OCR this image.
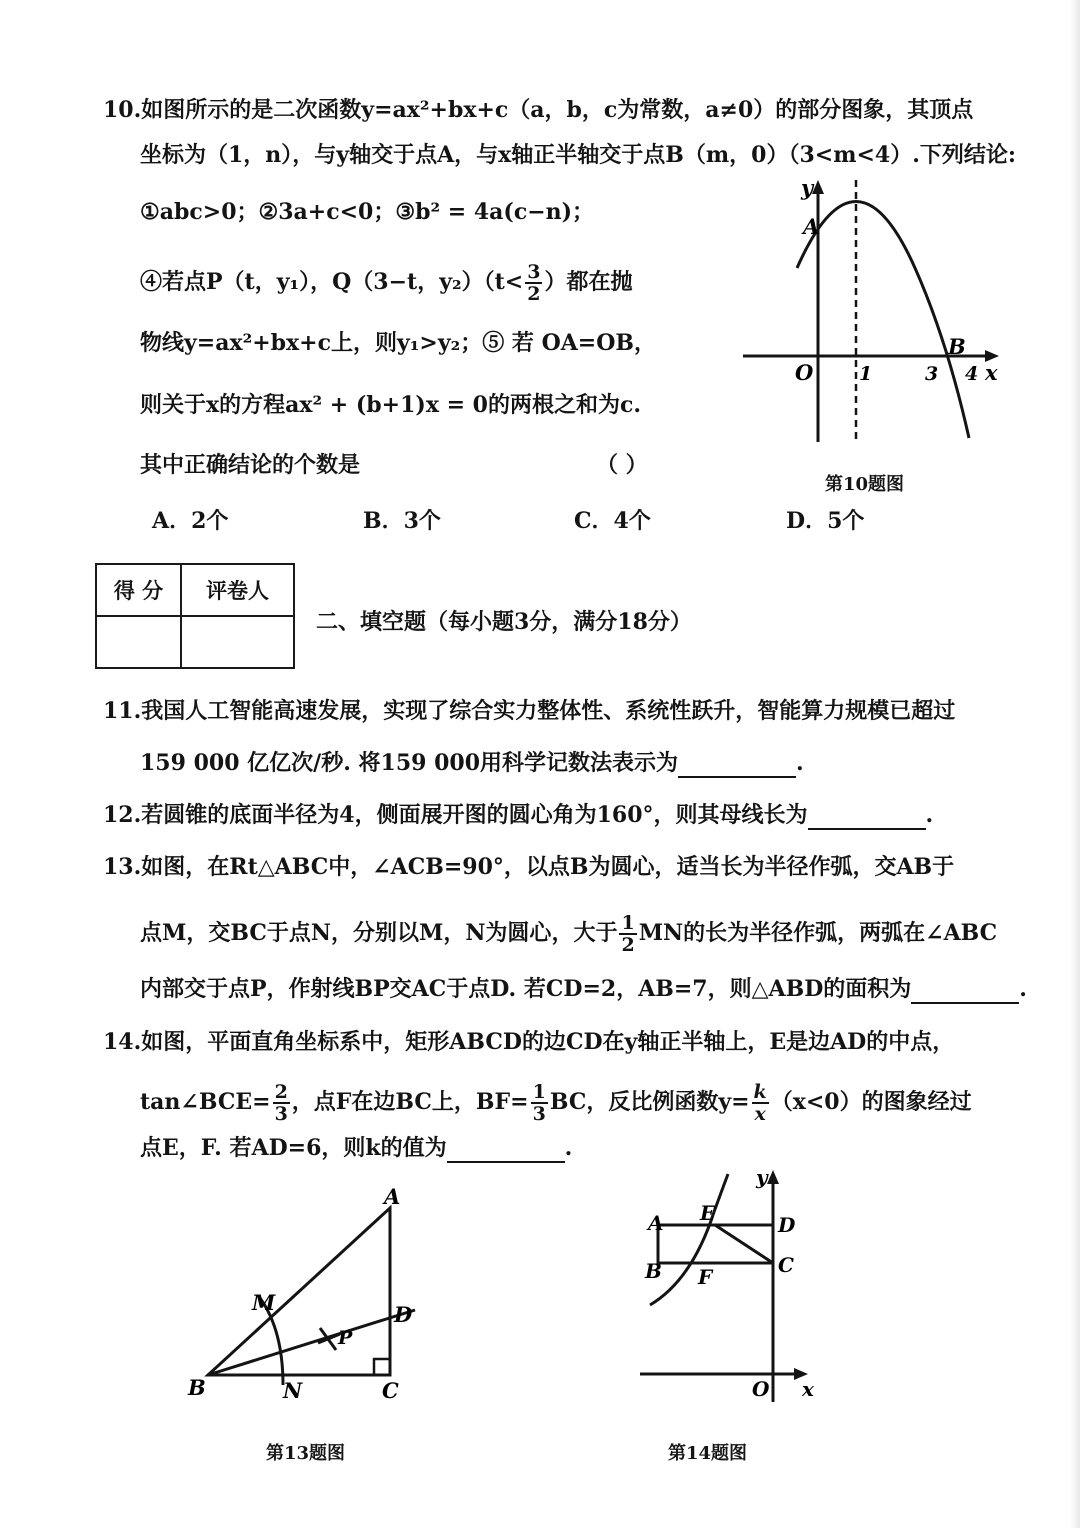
10.如图所示的是二次函数y=ax²+bx+c（a，b，c为常数，a≠0）的部分图象，其顶点
坐标为（1，n），与y轴交于点A，与x轴正半轴交于点B（m，0）（3<m<4）.下列结论:
①abc>0；②3a+c<0；③b² = 4a(c−n)；
④若点P（t，y₁），Q（3−t，$y_2)(t< \frac{3}{2}$ ）都在抛
物线y=ax²+bx+c上，则y₁>y₂；⑤ 若 OA=OB，
则关于x的方程ax² + (b+1)x = 0的两根之和为c.
其中正确结论的个数是	（ ）
A．2个	B．3个	C．4个	D．5个
y
A
O 1	3 4 x
B
第10题图
得 分	评卷人

二、填空题（每小题3分，满分18分）
11.我国人工智能高速发展，实现了综合实力整体性、系统性跃升，智能算力规模已超过
159 000 亿亿次/秒. 将159 000用科学记数法表示为	.
12.若圆锥的底面半径为4，侧面展开图的圆心角为160°，则其母线长为	.
13.如图，在Rt△ABC中，∠ACB=90°，以点B为圆心，适当长为半径作弧，交AB于
点M，交BC于点N，分别以M，N为圆心，大于 $\frac{1}{2}$ MN的长为半径作弧，两弧在∠ABC
内部交于点P，作射线BP交AC于点D. 若CD=2，AB=7，则△ABD的面积为	.
14.如图，平面直角坐标系中，矩形ABCD的边CD在y轴正半轴上，E是边AD的中点，
tan∠BCE= $\frac{2}{3}$ ，点F在边BC上，$BF= \frac{1}{3}$ BC，反比例函数$y= \frac{k}{x} (x<0)$的图象经过
点E，F. 若AD=6，则k的值为	.
A
B	C
D
M
N
P
第13题图
A
B	C
D
E
F
O x
y
第14题图
